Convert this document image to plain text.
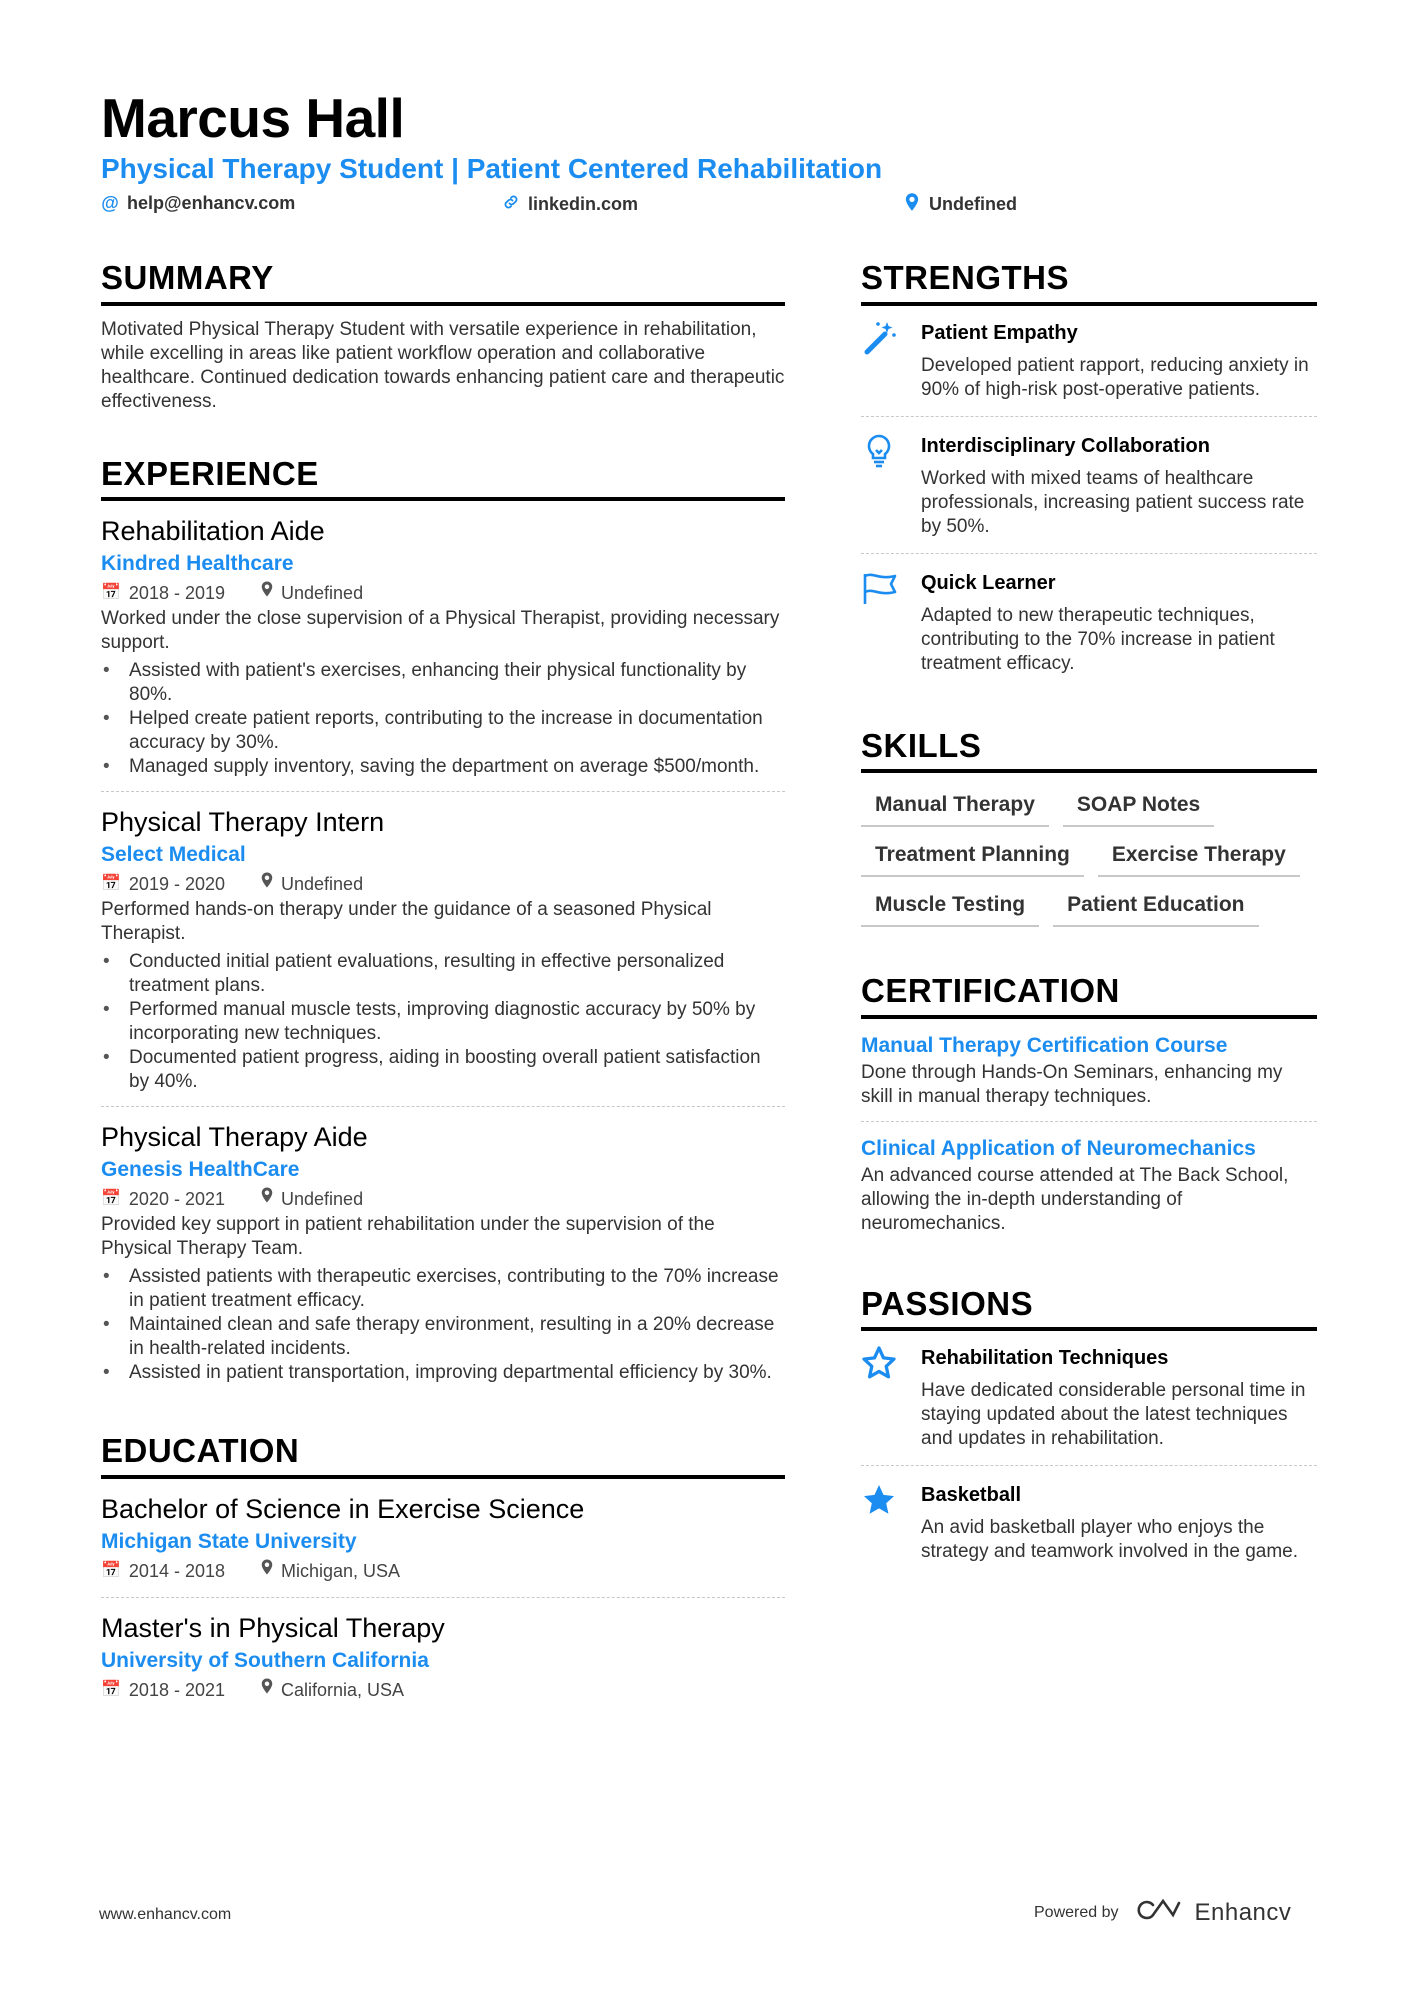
Marcus Hall
Physical Therapy Student | Patient Centered Rehabilitation
@ help@enhancv.com	linkedin.com	Undefined
SUMMARY

Motivated Physical Therapy Student with versatile experience in rehabilitation, while excelling in areas like patient workflow operation and collaborative healthcare. Continued dedication towards enhancing patient care and therapeutic effectiveness.

EXPERIENCE
Rehabilitation Aide
Kindred Healthcare
📅 2018 - 2019	Undefined

Worked under the close supervision of a Physical Therapist, providing necessary support.

• Assisted with patient's exercises, enhancing their physical functionality by 80%.
• Helped create patient reports, contributing to the increase in documentation accuracy by 30%.
• Managed supply inventory, saving the department on average $500/month.
Physical Therapy Intern
Select Medical
📅 2019 - 2020	Undefined

Performed hands-on therapy under the guidance of a seasoned Physical Therapist.

• Conducted initial patient evaluations, resulting in effective personalized treatment plans.
• Performed manual muscle tests, improving diagnostic accuracy by 50% by incorporating new techniques.
• Documented patient progress, aiding in boosting overall patient satisfaction by 40%.
Physical Therapy Aide
Genesis HealthCare
📅 2020 - 2021	Undefined

Provided key support in patient rehabilitation under the supervision of the Physical Therapy Team.

• Assisted patients with therapeutic exercises, contributing to the 70% increase in patient treatment efficacy.
• Maintained clean and safe therapy environment, resulting in a 20% decrease in health-related incidents.
• Assisted in patient transportation, improving departmental efficiency by 30%.
EDUCATION
Bachelor of Science in Exercise Science
Michigan State University
📅 2014 - 2018	Michigan, USA
Master's in Physical Therapy
University of Southern California
📅 2018 - 2021	California, USA
STRENGTHS
Patient Empathy
Developed patient rapport, reducing anxiety in 90% of high-risk post-operative patients.
Interdisciplinary Collaboration
Worked with mixed teams of healthcare professionals, increasing patient success rate by 50%.
Quick Learner
Adapted to new therapeutic techniques, contributing to the 70% increase in patient treatment efficacy.
SKILLS
Manual Therapy	SOAP Notes
Treatment Planning	Exercise Therapy
Muscle Testing	Patient Education
CERTIFICATION
Manual Therapy Certification Course
Done through Hands-On Seminars, enhancing my skill in manual therapy techniques.
Clinical Application of Neuromechanics
An advanced course attended at The Back School, allowing the in-depth understanding of neuromechanics.
PASSIONS
Rehabilitation Techniques
Have dedicated considerable personal time in staying updated about the latest techniques and updates in rehabilitation.
Basketball
An avid basketball player who enjoys the strategy and teamwork involved in the game.
www.enhancv.com	Powered by	Enhancv
